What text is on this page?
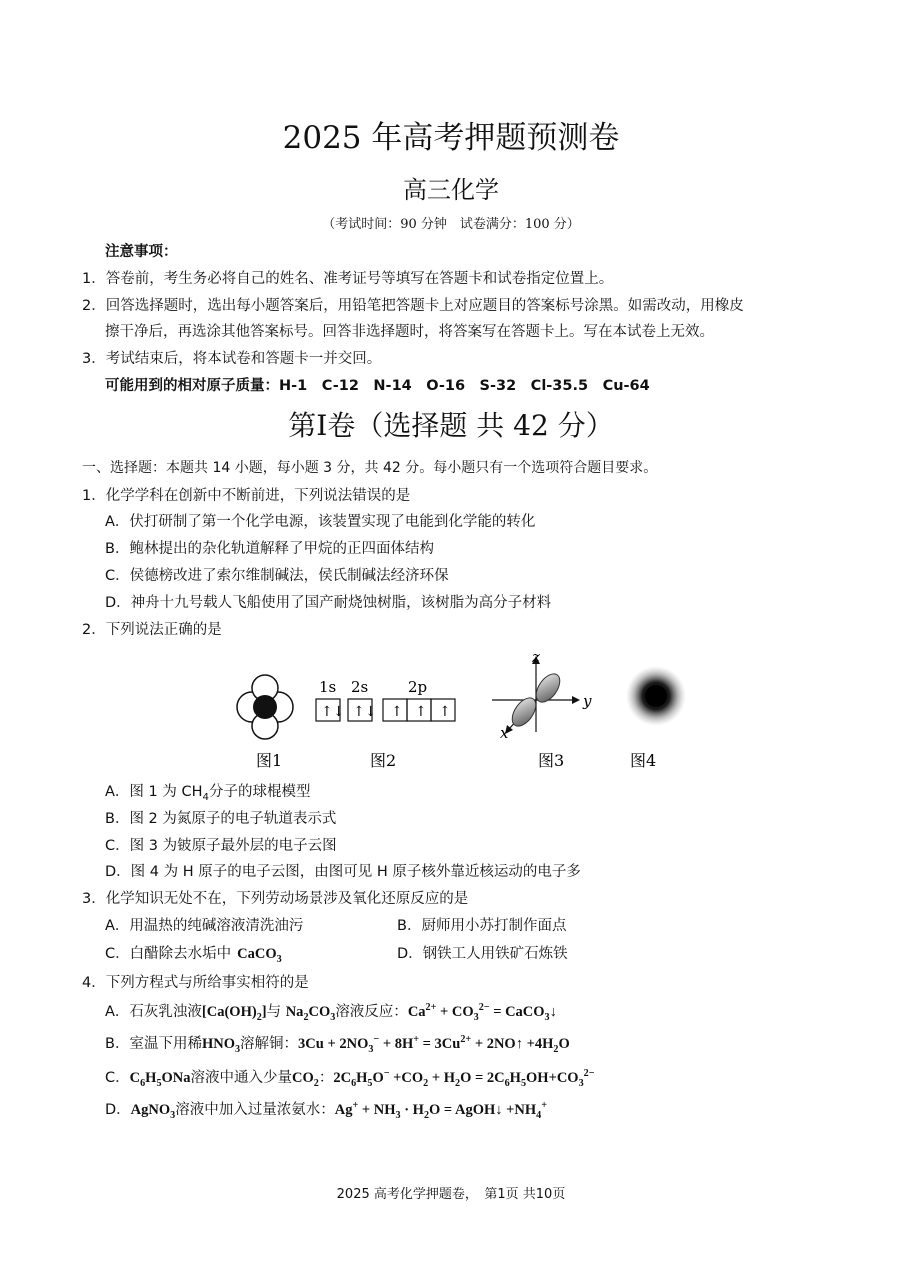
2025 年高考押题预测卷
高三化学
（考试时间：90 分钟　试卷满分：100 分）
注意事项：
1．答卷前，考生务必将自己的姓名、准考证号等填写在答题卡和试卷指定位置上。
2．回答选择题时，选出每小题答案后，用铅笔把答题卡上对应题目的答案标号涂黑。如需改动，用橡皮
擦干净后，再选涂其他答案标号。回答非选择题时，将答案写在答题卡上。写在本试卷上无效。
3．考试结束后，将本试卷和答题卡一并交回。
可能用到的相对原子质量：H-1　C-12　N-14　O-16　S-32　Cl-35.5　Cu-64
第I卷（选择题 共 42 分）
一、选择题：本题共 14 小题，每小题 3 分，共 42 分。每小题只有一个选项符合题目要求。
1．化学学科在创新中不断前进，下列说法错误的是
A．伏打研制了第一个化学电源，该装置实现了电能到化学能的转化
B．鲍林提出的杂化轨道解释了甲烷的正四面体结构
C．侯德榜改进了索尔维制碱法，侯氏制碱法经济环保
D．神舟十九号载人飞船使用了国产耐烧蚀树脂，该树脂为高分子材料
2．下列说法正确的是
1s 2s	2p
↑↓ ↑↓ ↑ ↑ ↑
z
y
x
图1	图2	图3	图4
A．图 1 为 $CH_4$分子的球棍模型
B．图 2 为氮原子的电子轨道表示式
C．图 3 为铍原子最外层的电子云图
D．图 4 为 H 原子的电子云图，由图可见 H 原子核外靠近核运动的电子多
3．化学知识无处不在，下列劳动场景涉及氧化还原反应的是
A．用温热的纯碱溶液清洗油污	B．厨师用小苏打制作面点
C．白醋除去水垢中 CaCO$_3$	D．钢铁工人用铁矿石炼铁
4．下列方程式与所给事实相符的是
A．石灰乳浊液$[Ca(OH)_2]$与 $Na_2CO_3$溶液反应：$Ca^{2+} + CO_3^{2-}$ = CaCO$_3$↓
B．室温下用稀$HNO_3$溶解铜：$3Cu + 2NO_3^- + 8H^+ = 3Cu^{2+}$ + 2NO↑ $+4H_2O$
C．$C_6H_5ONa$溶液中通入少量$CO_2$：$2C_6H_5O^- +CO_2 + H_2O = 2C_6H_5OH+CO_3^{2-}$
D．AgNO$_3$溶液中加入过量浓氨水：$Ag^+ + NH_3 \cdot H_2O$ = AgOH↓ $+NH_4^+$
2025 高考化学押题卷，　第1页 共10页
